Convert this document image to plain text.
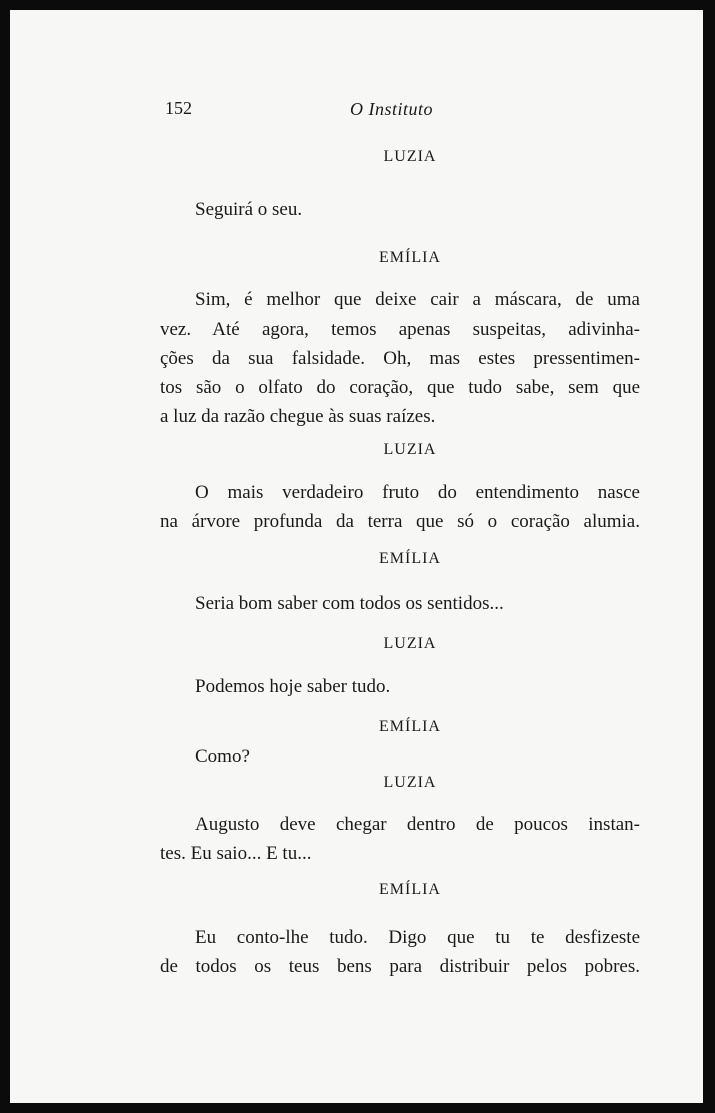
152	O Instituto
LUZIA
Seguirá o seu.
EMÍLIA
Sim, é melhor que deixe cair a máscara, de uma
vez. Até agora, temos apenas suspeitas, adivinha-
ções da sua falsidade. Oh, mas estes pressentimen-
tos são o olfato do coração, que tudo sabe, sem que
a luz da razão chegue às suas raízes.
LUZIA
O mais verdadeiro fruto do entendimento nasce
na árvore profunda da terra que só o coração alumia.
EMÍLIA
Seria bom saber com todos os sentidos...
LUZIA
Podemos hoje saber tudo.
EMÍLIA
Como?
LUZIA
Augusto deve chegar dentro de poucos instan-
tes. Eu saio... E tu...
EMÍLIA
Eu conto-lhe tudo. Digo que tu te desfizeste
de todos os teus bens para distribuir pelos pobres.
